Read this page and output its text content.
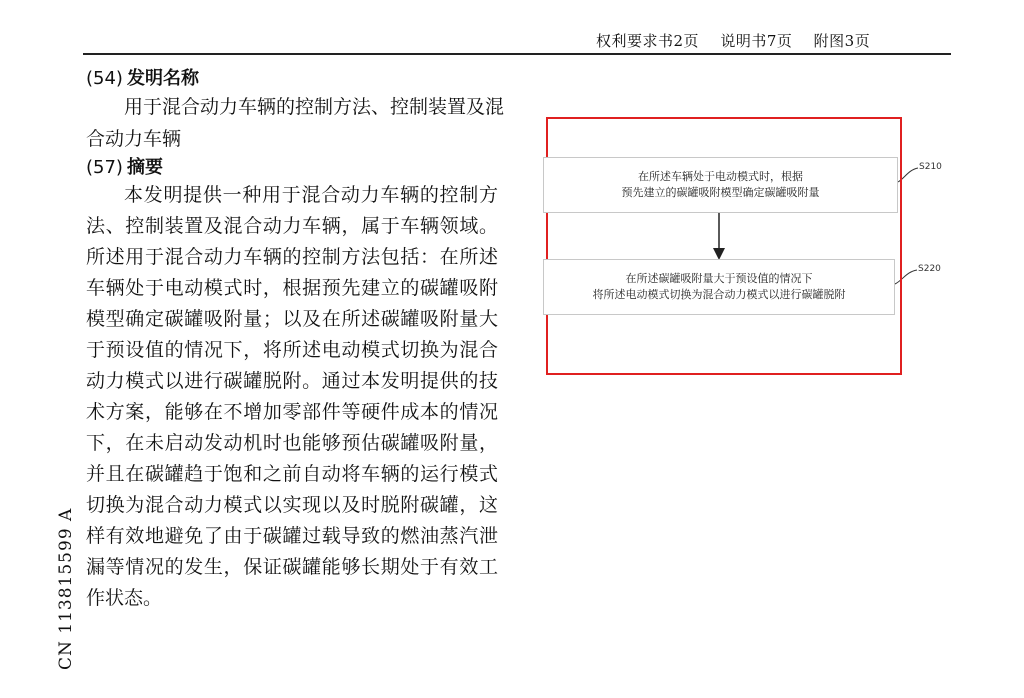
权利要求书2页 说明书7页 附图3页
(54) 发明名称
用于混合动力车辆的控制方法、控制装置及混合动力车辆
(57) 摘要
本发明提供一种用于混合动力车辆的控制方法、控制装置及混合动力车辆，属于车辆领域。所述用于混合动力车辆的控制方法包括：在所述车辆处于电动模式时，根据预先建立的碳罐吸附模型确定碳罐吸附量；以及在所述碳罐吸附量大于预设值的情况下，将所述电动模式切换为混合动力模式以进行碳罐脱附。通过本发明提供的技术方案，能够在不增加零部件等硬件成本的情况下，在未启动发动机时也能够预估碳罐吸附量，并且在碳罐趋于饱和之前自动将车辆的运行模式切换为混合动力模式以实现以及时脱附碳罐，这样有效地避免了由于碳罐过载导致的燃油蒸汽泄漏等情况的发生，保证碳罐能够长期处于有效工作状态。
CN 113815599 A
在所述车辆处于电动模式时，根据
预先建立的碳罐吸附模型确定碳罐吸附量
S210
在所述碳罐吸附量大于预设值的情况下
将所述电动模式切换为混合动力模式以进行碳罐脱附
S220
